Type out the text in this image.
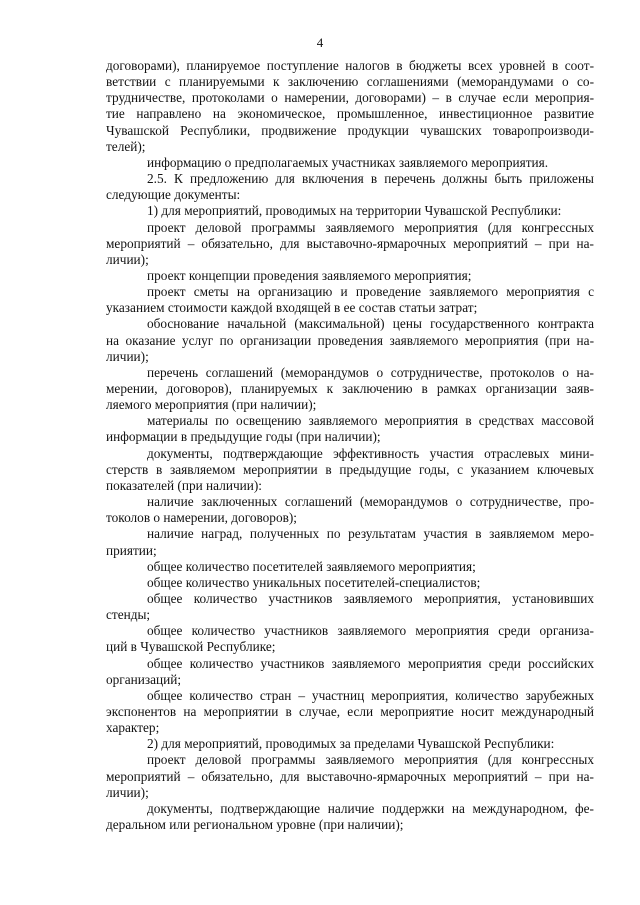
4
договорами), планируемое поступление налогов в бюджеты всех уровней в соот-
ветствии с планируемыми к заключению соглашениями (меморандумами о со-
трудничестве, протоколами о намерении, договорами) – в случае если мероприя-
тие направлено на экономическое, промышленное, инвестиционное развитие
Чувашской Республики, продвижение продукции чувашских товаропроизводи-
телей);
информацию о предполагаемых участниках заявляемого мероприятия.
2.5. К предложению для включения в перечень должны быть приложены
следующие документы:
1) для мероприятий, проводимых на территории Чувашской Республики:
проект деловой программы заявляемого мероприятия (для конгрессных
мероприятий – обязательно, для выставочно-ярмарочных мероприятий – при на-
личии);
проект концепции проведения заявляемого мероприятия;
проект сметы на организацию и проведение заявляемого мероприятия с
указанием стоимости каждой входящей в ее состав статьи затрат;
обоснование начальной (максимальной) цены государственного контракта
на оказание услуг по организации проведения заявляемого мероприятия (при на-
личии);
перечень соглашений (меморандумов о сотрудничестве, протоколов о на-
мерении, договоров), планируемых к заключению в рамках организации заяв-
ляемого мероприятия (при наличии);
материалы по освещению заявляемого мероприятия в средствах массовой
информации в предыдущие годы (при наличии);
документы, подтверждающие эффективность участия отраслевых мини-
стерств в заявляемом мероприятии в предыдущие годы, с указанием ключевых
показателей (при наличии):
наличие заключенных соглашений (меморандумов о сотрудничестве, про-
токолов о намерении, договоров);
наличие наград, полученных по результатам участия в заявляемом меро-
приятии;
общее количество посетителей заявляемого мероприятия;
общее количество уникальных посетителей-специалистов;
общее количество участников заявляемого мероприятия, установивших
стенды;
общее количество участников заявляемого мероприятия среди организа-
ций в Чувашской Республике;
общее количество участников заявляемого мероприятия среди российских
организаций;
общее количество стран – участниц мероприятия, количество зарубежных
экспонентов на мероприятии в случае, если мероприятие носит международный
характер;
2) для мероприятий, проводимых за пределами Чувашской Республики:
проект деловой программы заявляемого мероприятия (для конгрессных
мероприятий – обязательно, для выставочно-ярмарочных мероприятий – при на-
личии);
документы, подтверждающие наличие поддержки на международном, фе-
деральном или региональном уровне (при наличии);
